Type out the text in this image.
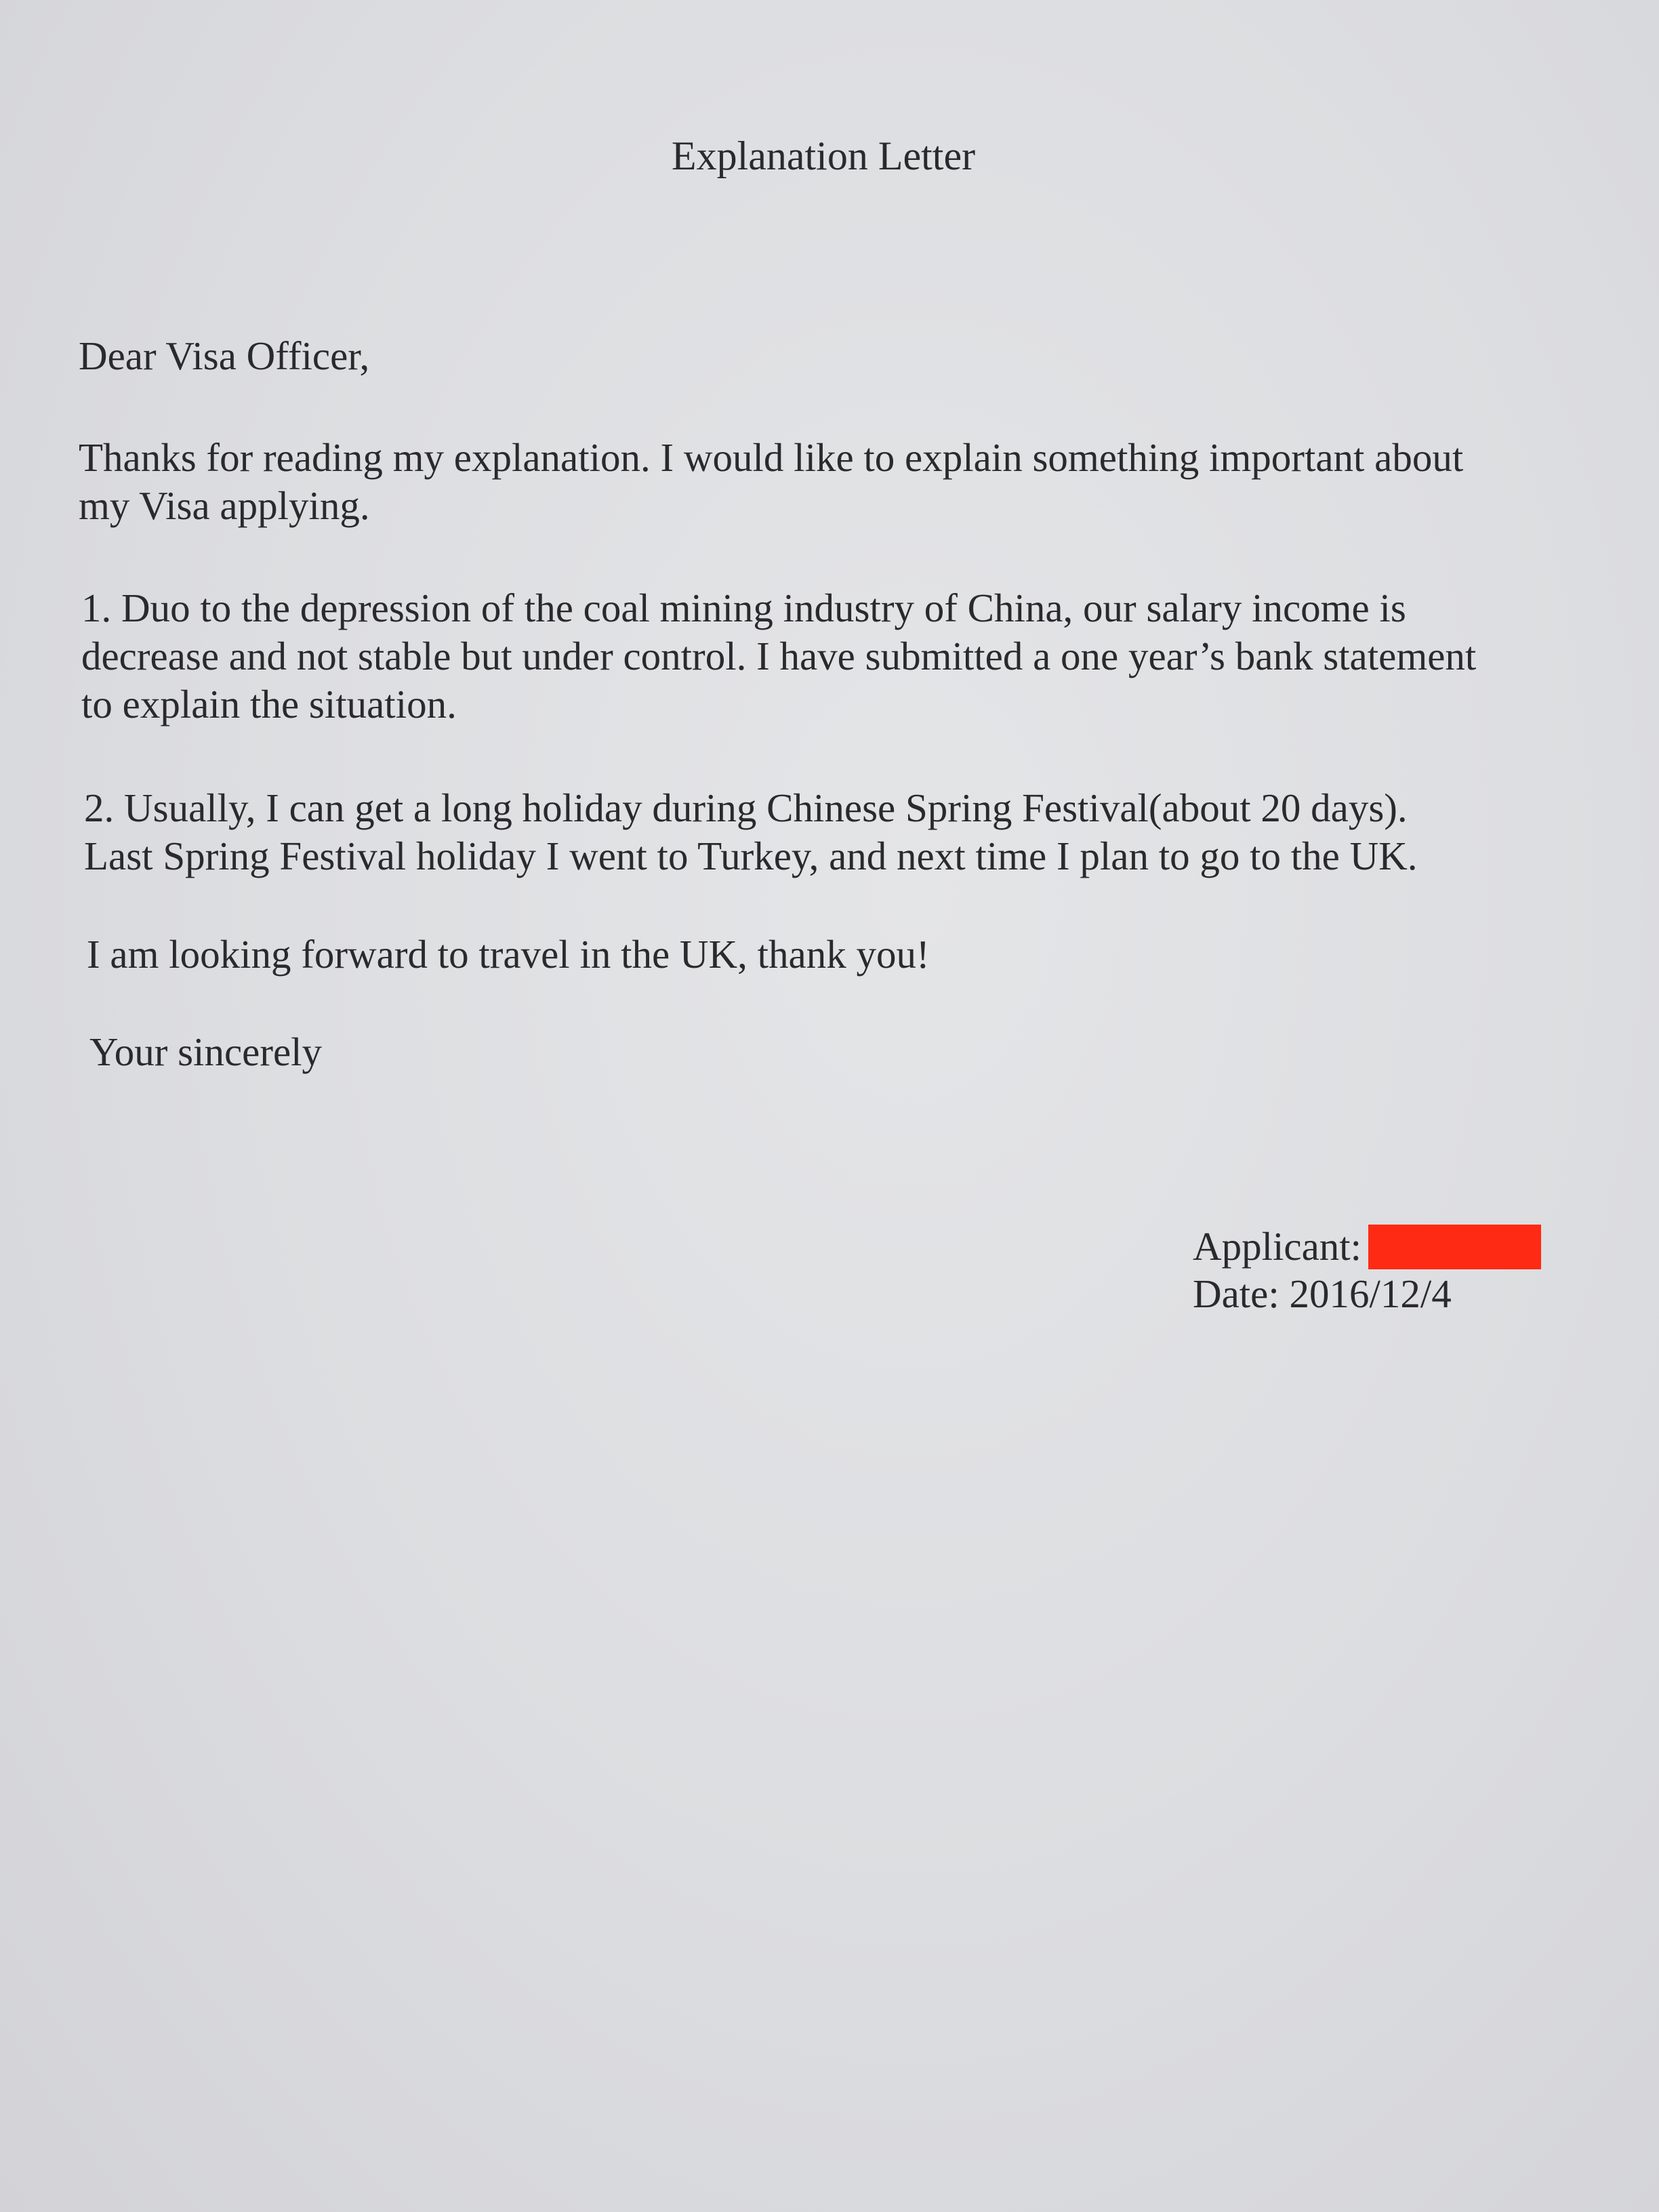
Explanation Letter

Dear Visa Officer,

Thanks for reading my explanation. I would like to explain something important about
my Visa applying.

1. Duo to the depression of the coal mining industry of China, our salary income is
decrease and not stable but under control. I have submitted a one year’s bank statement
to explain the situation.

2. Usually, I can get a long holiday during Chinese Spring Festival(about 20 days).
Last Spring Festival holiday I went to Turkey, and next time I plan to go to the UK.

I am looking forward to travel in the UK, thank you!

Your sincerely

Applicant:
Date: 2016/12/4
